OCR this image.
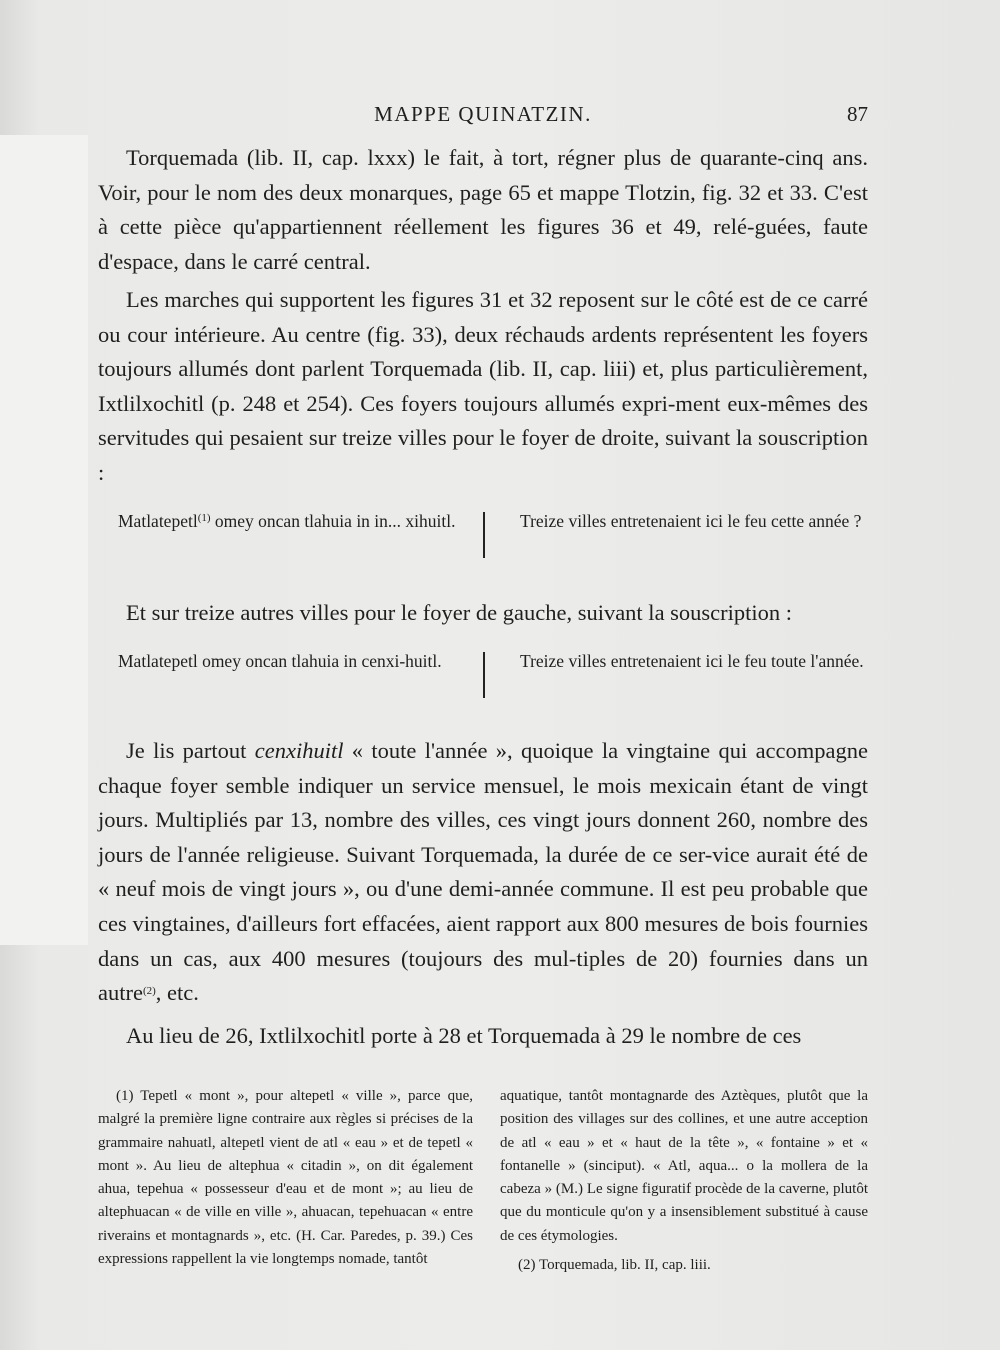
MAPPE QUINATZIN.	87

Torquemada (lib. II, cap. lxxx) le fait, à tort, régner plus de quarante-cinq ans. Voir, pour le nom des deux monarques, page 65 et mappe Tlotzin, fig. 32 et 33. C'est à cette pièce qu'appartiennent réellement les figures 36 et 49, relé-guées, faute d'espace, dans le carré central.

Les marches qui supportent les figures 31 et 32 reposent sur le côté est de ce carré ou cour intérieure. Au centre (fig. 33), deux réchauds ardents représentent les foyers toujours allumés dont parlent Torquemada (lib. II, cap. liii) et, plus particulièrement, Ixtlilxochitl (p. 248 et 254). Ces foyers toujours allumés expri-ment eux-mêmes des servitudes qui pesaient sur treize villes pour le foyer de droite, suivant la souscription :

Matlatepetl$^{(1)}$ omey oncan tlahuia in in... xihuitl.	Treize villes entretenaient ici le feu cette année ?

Et sur treize autres villes pour le foyer de gauche, suivant la souscription :

Matlatepetl omey oncan tlahuia in cenxi-huitl.	Treize villes entretenaient ici le feu toute l'année.

Je lis partout cenxihuitl « toute l'année », quoique la vingtaine qui accompagne chaque foyer semble indiquer un service mensuel, le mois mexicain étant de vingt jours. Multipliés par 13, nombre des villes, ces vingt jours donnent 260, nombre des jours de l'année religieuse. Suivant Torquemada, la durée de ce ser-vice aurait été de « neuf mois de vingt jours », ou d'une demi-année commune. Il est peu probable que ces vingtaines, d'ailleurs fort effacées, aient rapport aux 800 mesures de bois fournies dans un cas, aux 400 mesures (toujours des mul-tiples de 20) fournies dans un autre$^{(2)}$, etc.

Au lieu de 26, Ixtlilxochitl porte à 28 et Torquemada à 29 le nombre de ces

(1) Tepetl « mont », pour altepetl « ville », parce que, malgré la première ligne contraire aux règles si précises de la grammaire nahuatl, altepetl vient de atl « eau » et de tepetl « mont ». Au lieu de altephua « citadin », on dit également ahua, tepehua « possesseur d'eau et de mont »; au lieu de altephuacan « de ville en ville », ahuacan, tepehuacan « entre riverains et montagnards », etc. (H. Car. Paredes, p. 39.) Ces expressions rappellent la vie longtemps nomade, tantôt
aquatique, tantôt montagnarde des Aztèques, plutôt que la position des villages sur des collines, et une autre acception de atl « eau » et « haut de la tête », « fontaine » et « fontanelle » (sinciput). « Atl, aqua... o la mollera de la cabeza » (M.) Le signe figuratif procède de la caverne, plutôt que du monticule qu'on y a insensiblement substitué à cause de ces étymologies.
(2) Torquemada, lib. II, cap. liii.
